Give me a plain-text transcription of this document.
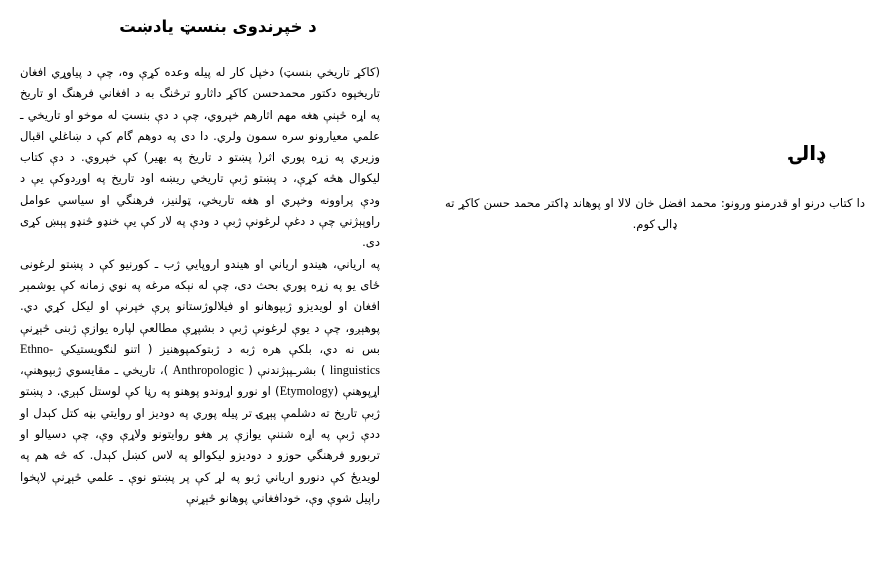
د خپرندوی بنسټ یادښت

(کاکړ تاریخي بنسټ) دخپل کار له پیله وعده کړې وه، چې د پياوړي افغان تاریخپوه دکتور محمدحسن کاکړ داثارو ترڅنگ به د افغاني فرهنگ او تاریخ په اړه څېنې هغه مهم اثارهم خپروي، چې د دې بنسټ له موخو او تاریخي ـ علمي معیارونو سره سمون ولري. دا دی په دوهم گام کې د ښاغلي اقبال وزیري په زړه پوري اثر( پښتو د تاریخ په بهیر) کې خپروي. د دې کتاب لیکوال هڅه کړې، د پښتو ژبې تاریخي ریښه اود تاریخ په اوږدوکې یې د ودې پراوونه وخپري او هغه تاریخي، ټولنیز، فرهنگي او سیاسي عوامل راوپېژني چې د دغې لرغونې ژبې د ودې په لار کې یې خنډو څنډو پېښ کړی دی.

په اریاني، هیندو اریاني او هیندو اروپایي ژب ـ کورنیو کې د پښتو لرغونی ځای یو په زړه پوري بحث دی، چې له نېکه مرغه په نوي زمانه کې یوشمېر افغان او لویدیزو ژبپوهانو او فیلالوژستانو پرې خپرنې او لیکل کړي دي. پوهېږو، چې د یوې لرغونې ژبې د بشپړې مطالعې لپاره یوازې ژبنی څېړنې بس نه دي، بلکې هره ژبه د ژبتوکمپوهنیز ( اتنو لنګویستیکي Ethno-linguistics ) بشرـپېژندنې ( Anthropologic )، تاریخي ـ مقایسوي ژبپوهنې، اړپوهنې (Etymology) او نورو اړوندو پوهنو په رڼا کې لوستل کېږي. د پښتو ژبې تاریخ ته دشلمې پېړۍ تر پیله پوري په دودیز او روایتي بڼه کتل کېدل او ددې ژبې په اړه شننې یوازې پر هغو روایتونو ولاړې وې، چې دسیالو او تربورو فرهنگي حوزو د دودیزو لیکوالو په لاس کښل کېدل. که څه هم په لویدیځ کې دنورو اریاني ژبو په لړ کې پر پښتو نوې ـ علمي څېړنې لاپخوا راپیل شوې وې، خودافغاني پوهانو څېړنې

ډالۍ

دا کتاب درنو او قدرمنو ورونو: محمد افضل خان لالا او پوهاند ډاکتر محمد حسن کاکړ ته ډالۍ کوم.
